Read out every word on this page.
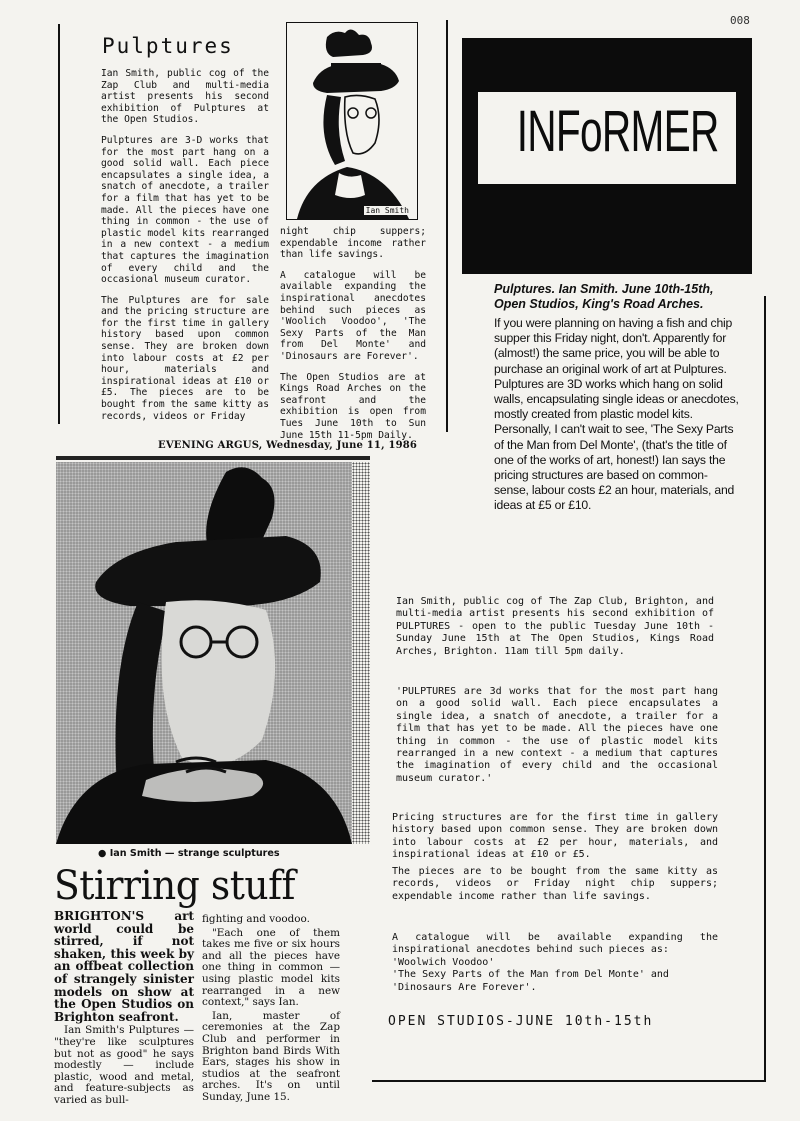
008
Pulptures

Ian Smith, public cog of the Zap Club and multi-media artist presents his second exhibition of Pulptures at the Open Studios.

Pulptures are 3-D works that for the most part hang on a good solid wall. Each piece encapsulates a single idea, a snatch of anecdote, a trailer for a film that has yet to be made. All the pieces have one thing in common - the use of plastic model kits rearranged in a new context - a medium that captures the imagination of every child and the occasional museum curator.

The Pulptures are for sale and the pricing structure are for the first time in gallery history based upon common sense. They are broken down into labour costs at £2 per hour, materials and inspirational ideas at £10 or £5. The pieces are to be bought from the same kitty as records, videos or Friday

Ian Smith

night chip suppers; expendable income rather than life savings.

A catalogue will be available expanding the inspirational anecdotes behind such pieces as 'Woolich Voodoo', 'The Sexy Parts of the Man from Del Monte' and 'Dinosaurs are Forever'.

The Open Studios are at Kings Road Arches on the seafront and the exhibition is open from Tues June 10th to Sun June 15th 11-5pm Daily.

INFoRMER
Pulptures. Ian Smith. June 10th-15th, Open Studios, King's Road Arches.
If you were planning on having a fish and chip supper this Friday night, don't. Apparently for (almost!) the same price, you will be able to purchase an original work of art at Pulptures. Pulptures are 3D works which hang on solid walls, encapsulating single ideas or anecdotes, mostly created from plastic model kits. Personally, I can't wait to see, 'The Sexy Parts of the Man from Del Monte', (that's the title of one of the works of art, honest!) Ian says the pricing structures are based on common-sense, labour costs £2 an hour, materials, and ideas at £5 or £10.
Ian Smith, public cog of The Zap Club, Brighton, and multi-media artist presents his second exhibition of PULPTURES - open to the public Tuesday June 10th - Sunday June 15th at The Open Studios, Kings Road Arches, Brighton. 11am till 5pm daily.
'PULPTURES are 3d works that for the most part hang on a good solid wall. Each piece encapsulates a single idea, a snatch of anecdote, a trailer for a film that has yet to be made. All the pieces have one thing in common - the use of plastic model kits rearranged in a new context - a medium that captures the imagination of every child and the occasional museum curator.'
Pricing structures are for the first time in gallery history based upon common sense. They are broken down into labour costs at £2 per hour, materials, and inspirational ideas at £10 or £5.
The pieces are to be bought from the same kitty as records, videos or Friday night chip suppers; expendable income rather than life savings.
A catalogue will be available expanding the inspirational anecdotes behind such pieces as:
'Woolwich Voodoo'
'The Sexy Parts of the Man from Del Monte' and
'Dinosaurs Are Forever'.
OPEN STUDIOS-JUNE 10th-15th
EVENING ARGUS, Wednesday, June 11, 1986
● Ian Smith — strange sculptures
Stirring stuff

BRIGHTON'S art world could be stirred, if not shaken, this week by an offbeat collection of strangely sinister models on show at the Open Studios on Brighton seafront.

Ian Smith's Pulptures — "they're like sculptures but not as good" he says modestly — include plastic, wood and metal, and feature-subjects as varied as bull-

fighting and voodoo.

"Each one of them takes me five or six hours and all the pieces have one thing in common — using plastic model kits rearranged in a new context," says Ian.

Ian, master of ceremonies at the Zap Club and performer in Brighton band Birds With Ears, stages his show in studios at the seafront arches. It's on until Sunday, June 15.
